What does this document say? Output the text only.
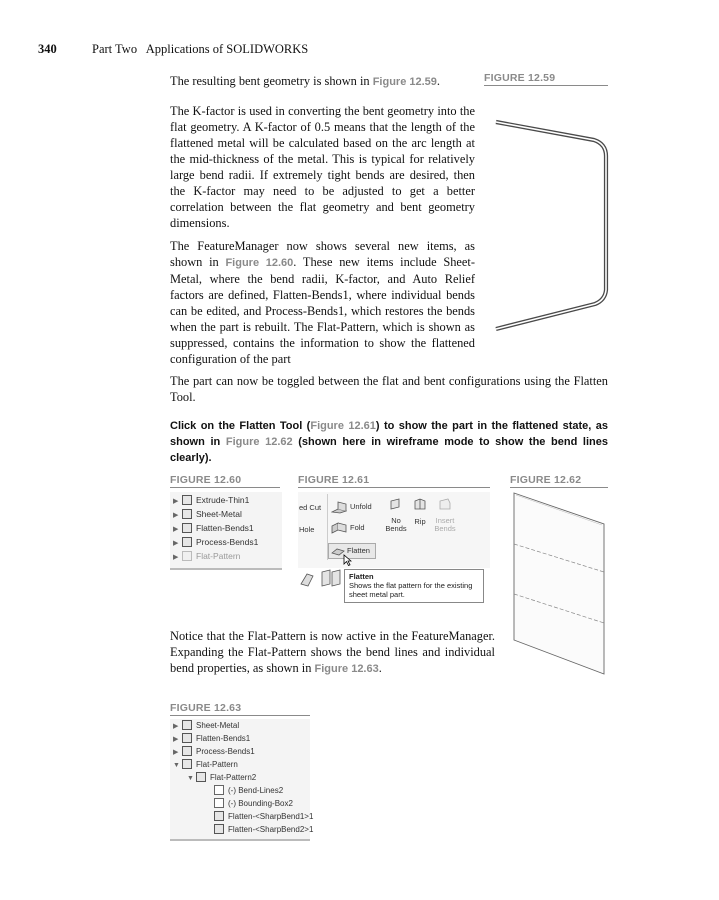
340	Part Two   Applications of SOLIDWORKS
The resulting bent geometry is shown in Figure 12.59.	FIGURE 12.59
The K-factor is used in converting the bent geometry into the flat geometry. A K-factor of 0.5 means that the length of the flattened metal will be calculated based on the arc length at the mid-thickness of the metal. This is typical for relatively large bend radii. If extremely tight bends are desired, then the K-factor may need to be adjusted to get a better correlation between the flat geometry and bent geometry dimensions.
The FeatureManager now shows several new items, as shown in Figure 12.60. These new items include Sheet-Metal, where the bend radii, K-factor, and Auto Relief factors are defined, Flatten-Bends1, where individual bends can be edited, and Process-Bends1, which restores the bends when the part is rebuilt. The Flat-Pattern, which is shown as suppressed, contains the information to show the flattened configuration of the part
The part can now be toggled between the flat and bent configurations using the Flatten Tool.
Click on the Flatten Tool (Figure 12.61) to show the part in the flattened state, as shown in Figure 12.62 (shown here in wireframe mode to show the bend lines clearly).
FIGURE 12.60	FIGURE 12.61	FIGURE 12.62
▶ Extrude-Thin1
▶ Sheet-Metal
▶ Flatten-Bends1
▶ Process-Bends1
▶ Flat-Pattern
ed Cut
Hole
Unfold
Fold
No
Bends
Rip	Insert
Bends
Flatten
Flatten
Shows the flat pattern for the existing sheet metal part.
Notice that the Flat-Pattern is now active in the FeatureManager. Expanding the Flat-Pattern shows the bend lines and individual bend properties, as shown in Figure 12.63.
FIGURE 12.63
▶ Sheet-Metal
▶ Flatten-Bends1
▶ Process-Bends1
▼ Flat-Pattern
▼ Flat-Pattern2
(-) Bend-Lines2
(-) Bounding-Box2
Flatten-<SharpBend1>1
Flatten-<SharpBend2>1
